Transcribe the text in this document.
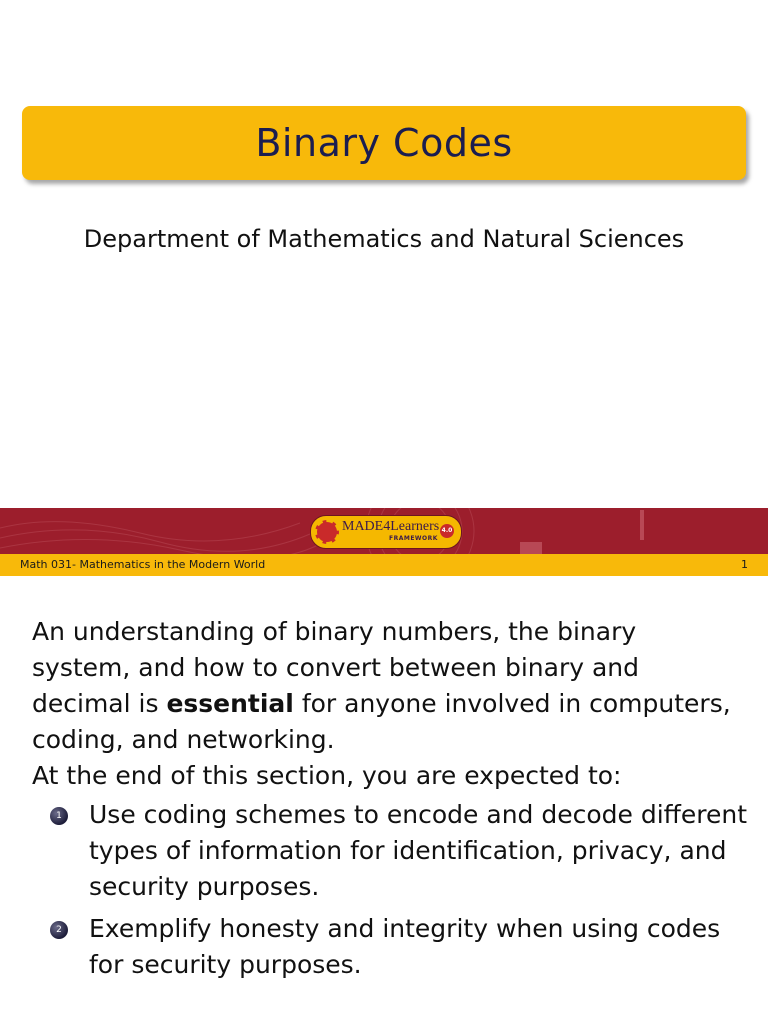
Binary Codes
Department of Mathematics and Natural Sciences
MADE4Learners
FRAMEWORK
4.0
Math 031- Mathematics in the Modern World	1
An understanding of binary numbers, the binary system, and how to convert between binary and decimal is essential for anyone involved in computers, coding, and networking.
At the end of this section, you are expected to:
1 Use coding schemes to encode and decode different types of information for identification, privacy, and security purposes.
2 Exemplify honesty and integrity when using codes for security purposes.
